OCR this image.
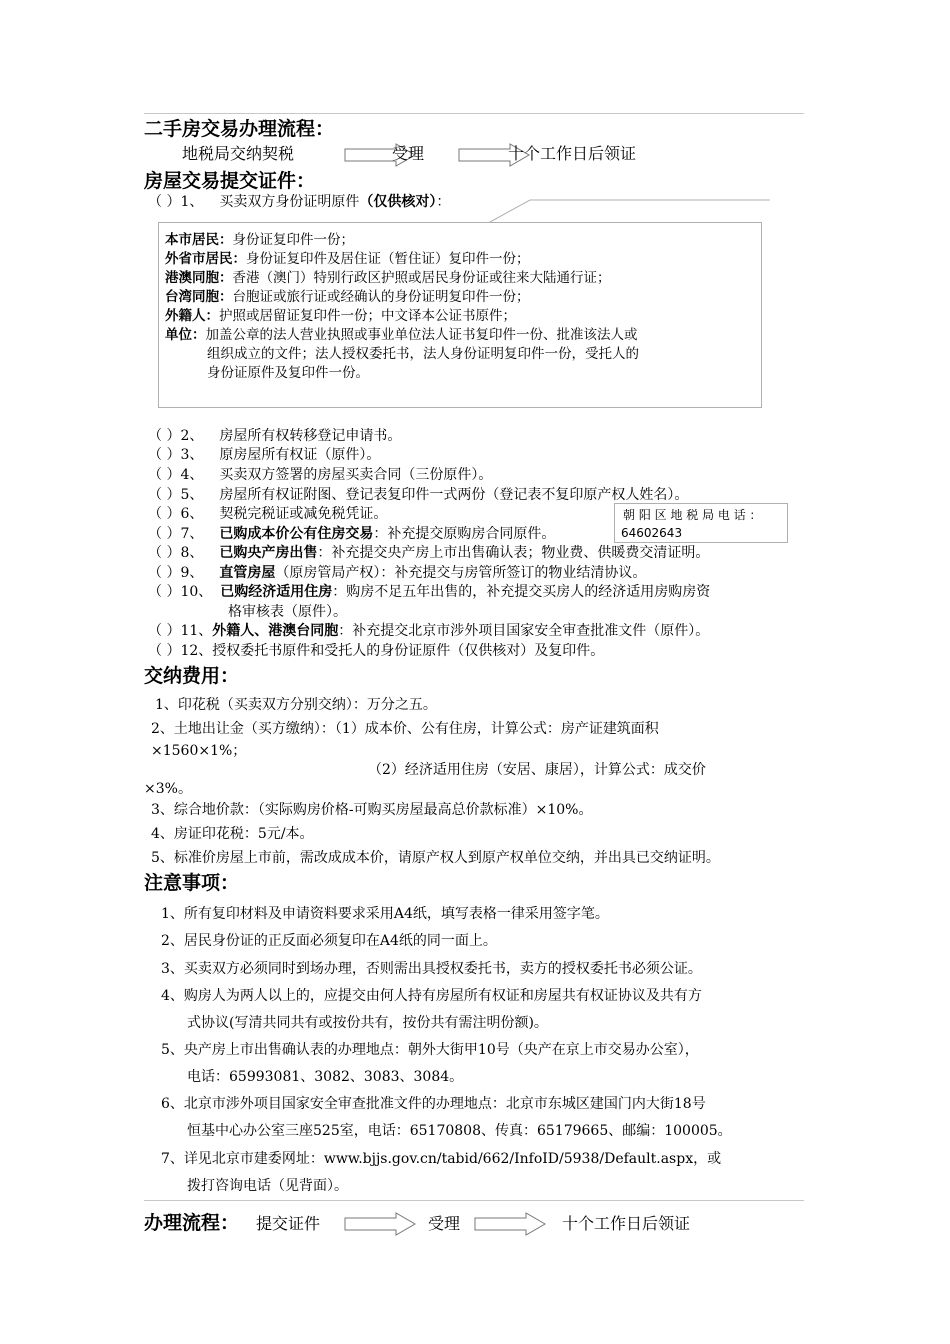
二手房交易办理流程：
地税局交纳契税	受理	十个工作日后领证
房屋交易提交证件：
（ ）1、 买卖双方身份证明原件（仅供核对）：
本市居民：身份证复印件一份；
外省市居民：身份证复印件及居住证（暂住证）复印件一份；
港澳同胞：香港（澳门）特别行政区护照或居民身份证或往来大陆通行证；
台湾同胞：台胞证或旅行证或经确认的身份证明复印件一份；
外籍人：护照或居留证复印件一份；中文译本公证书原件；
单位：加盖公章的法人营业执照或事业单位法人证书复印件一份、批准该法人或
组织成立的文件；法人授权委托书，法人身份证明复印件一份，受托人的
身份证原件及复印件一份。
（ ）2、 房屋所有权转移登记申请书。
（ ）3、 原房屋所有权证（原件）。
（ ）4、 买卖双方签署的房屋买卖合同（三份原件）。
（ ）5、 房屋所有权证附图、登记表复印件一式两份（登记表不复印原产权人姓名）。
（ ）6、 契税完税证或减免税凭证。
（ ）7、 已购成本价公有住房交易：补充提交原购房合同原件。
（ ）8、 已购央产房出售：补充提交央产房上市出售确认表；物业费、供暖费交清证明。
（ ）9、 直管房屋（原房管局产权）：补充提交与房管所签订的物业结清协议。
（ ）10、 已购经济适用住房：购房不足五年出售的，补充提交买房人的经济适用房购房资
格审核表（原件）。
（ ）11、外籍人、港澳台同胞：补充提交北京市涉外项目国家安全审查批准文件（原件）。
（ ）12、授权委托书原件和受托人的身份证原件（仅供核对）及复印件。
朝 阳 区 地 税 局 电 话 ：
64602643
交纳费用：
1、印花税（买卖双方分别交纳）：万分之五。
2、土地出让金（买方缴纳）：（1）成本价、公有住房，计算公式：房产证建筑面积
×1560×1%；
（2）经济适用住房（安居、康居），计算公式：成交价
×3%。
3、综合地价款：（实际购房价格-可购买房屋最高总价款标准）×10%。
4、房证印花税：5元/本。
5、标准价房屋上市前，需改成成本价，请原产权人到原产权单位交纳，并出具已交纳证明。
注意事项：
1、所有复印材料及申请资料要求采用A4纸，填写表格一律采用签字笔。
2、居民身份证的正反面必须复印在A4纸的同一面上。
3、买卖双方必须同时到场办理，否则需出具授权委托书，卖方的授权委托书必须公证。
4、购房人为两人以上的，应提交由何人持有房屋所有权证和房屋共有权证协议及共有方
式协议(写清共同共有或按份共有，按份共有需注明份额)。
5、央产房上市出售确认表的办理地点：朝外大街甲10号（央产在京上市交易办公室），
电话：65993081、3082、3083、3084。
6、北京市涉外项目国家安全审查批准文件的办理地点：北京市东城区建国门内大街18号
恒基中心办公室三座525室，电话：65170808、传真：65179665、邮编：100005。
7、详见北京市建委网址：www.bjjs.gov.cn/tabid/662/InfoID/5938/Default.aspx，或
拨打咨询电话（见背面）。
办理流程： 提交证件	受理	十个工作日后领证
